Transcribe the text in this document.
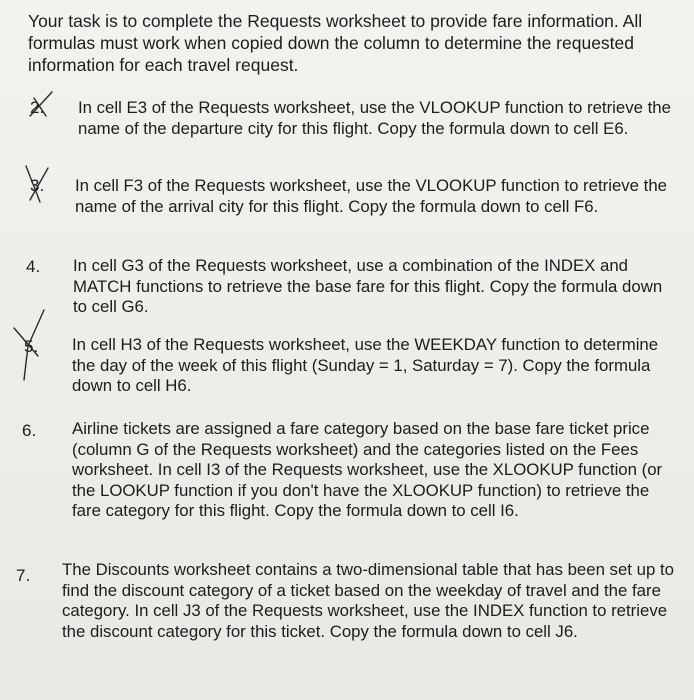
Your task is to complete the Requests worksheet to provide fare information. All formulas must work when copied down the column to determine the requested information for each travel request.
2. In cell E3 of the Requests worksheet, use the VLOOKUP function to retrieve the name of the departure city for this flight. Copy the formula down to cell E6.
3. In cell F3 of the Requests worksheet, use the VLOOKUP function to retrieve the name of the arrival city for this flight. Copy the formula down to cell F6.
4. In cell G3 of the Requests worksheet, use a combination of the INDEX and MATCH functions to retrieve the base fare for this flight. Copy the formula down to cell G6.
5. In cell H3 of the Requests worksheet, use the WEEKDAY function to determine the day of the week of this flight (Sunday = 1, Saturday = 7). Copy the formula down to cell H6.
6. Airline tickets are assigned a fare category based on the base fare ticket price (column G of the Requests worksheet) and the categories listed on the Fees worksheet. In cell I3 of the Requests worksheet, use the XLOOKUP function (or the LOOKUP function if you don't have the XLOOKUP function) to retrieve the fare category for this flight. Copy the formula down to cell I6.
7. The Discounts worksheet contains a two-dimensional table that has been set up to find the discount category of a ticket based on the weekday of travel and the fare category. In cell J3 of the Requests worksheet, use the INDEX function to retrieve the discount category for this ticket. Copy the formula down to cell J6.
